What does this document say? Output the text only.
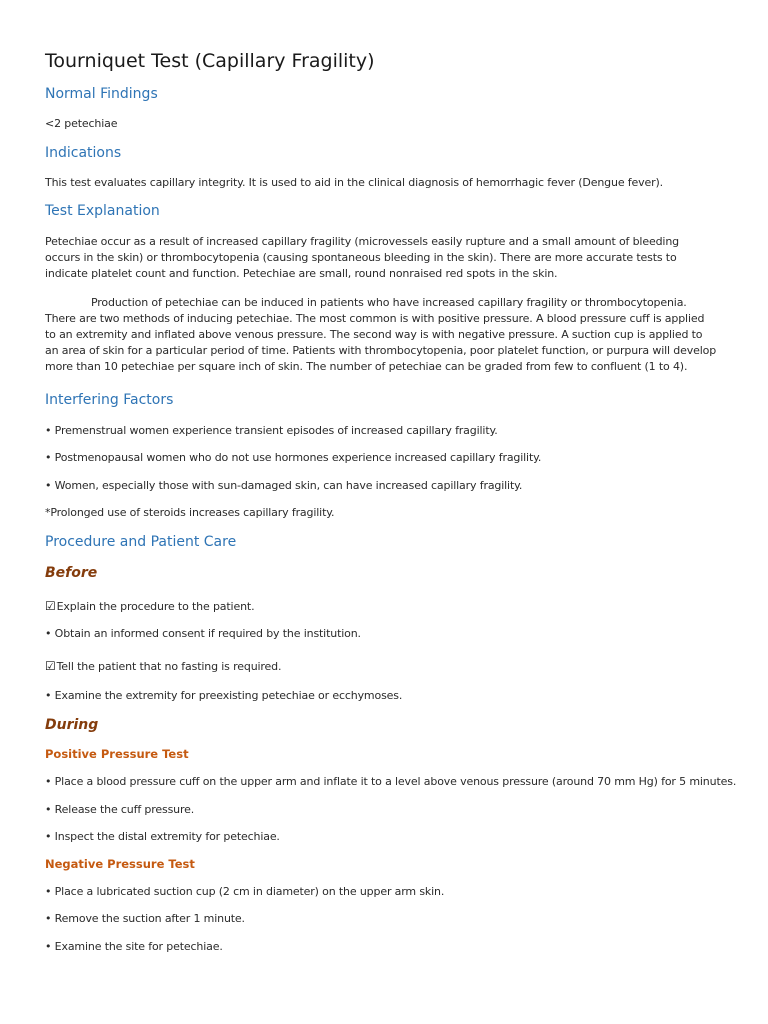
Tourniquet Test (Capillary Fragility)
Normal Findings

<2 petechiae

Indications

This test evaluates capillary integrity. It is used to aid in the clinical diagnosis of hemorrhagic fever (Dengue fever).

Test Explanation

Petechiae occur as a result of increased capillary fragility (microvessels easily rupture and a small amount of bleeding occurs in the skin) or thrombocytopenia (causing spontaneous bleeding in the skin). There are more accurate tests to indicate platelet count and function. Petechiae are small, round nonraised red spots in the skin.

Production of petechiae can be induced in patients who have increased capillary fragility or thrombocytopenia. There are two methods of inducing petechiae. The most common is with positive pressure. A blood pressure cuff is applied to an extremity and inflated above venous pressure. The second way is with negative pressure. A suction cup is applied to an area of skin for a particular period of time. Patients with thrombocytopenia, poor platelet function, or purpura will develop more than 10 petechiae per square inch of skin. The number of petechiae can be graded from few to confluent (1 to 4).

Interfering Factors

• Premenstrual women experience transient episodes of increased capillary fragility.

• Postmenopausal women who do not use hormones experience increased capillary fragility.

• Women, especially those with sun-damaged skin, can have increased capillary fragility.

*Prolonged use of steroids increases capillary fragility.

Procedure and Patient Care
Before

☑Explain the procedure to the patient.

• Obtain an informed consent if required by the institution.

☑Tell the patient that no fasting is required.

• Examine the extremity for preexisting petechiae or ecchymoses.

During
Positive Pressure Test

• Place a blood pressure cuff on the upper arm and inflate it to a level above venous pressure (around 70 mm Hg) for 5 minutes.

• Release the cuff pressure.

• Inspect the distal extremity for petechiae.

Negative Pressure Test

• Place a lubricated suction cup (2 cm in diameter) on the upper arm skin.

• Remove the suction after 1 minute.

• Examine the site for petechiae.
